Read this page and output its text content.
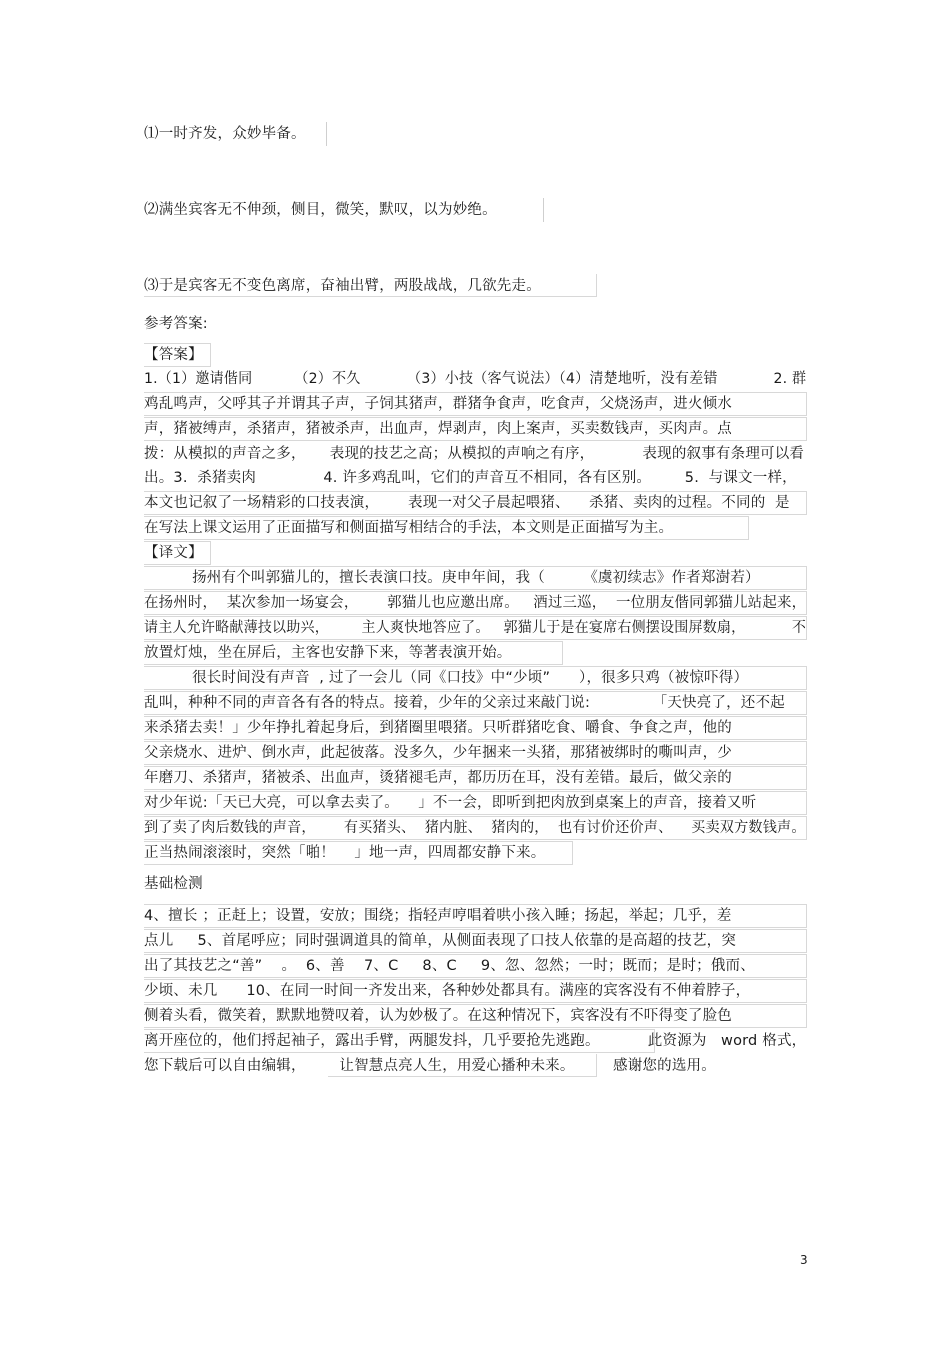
⑴一时齐发，众妙毕备。
⑵满坐宾客无不伸颈，侧目，微笑，默叹，以为妙绝。
⑶于是宾客无不变色离席，奋袖出臂，两股战战，几欲先走。
参考答案:
【答案】
1.（1）邀请偕同         （2）不久          （3）小技（客气说法）（4）清楚地听，没有差错            2. 群
鸡乱鸣声，父呼其子并谓其子声，子饲其猪声，群猪争食声，吃食声，父烧汤声，进火倾水
声，猪被缚声，杀猪声，猪被杀声，出血声，焊剥声，肉上案声，买卖数钱声，买肉声。点
拨：从模拟的声音之多，     表现的技艺之高；从模拟的声响之有序，          表现的叙事有条理可以看
出。3.  杀猪卖肉              4. 许多鸡乱叫，它们的声音互不相同，各有区别。       5.  与课文一样，
本文也记叙了一场精彩的口技表演，      表现一对父子晨起喂猪、    杀猪、卖肉的过程。不同的  是
在写法上课文运用了正面描写和侧面描写相结合的手法，本文则是正面描写为主。
【译文】
扬州有个叫郭猫儿的，擅长表演口技。庚申年间，我（        《虞初续志》作者郑澍若）
在扬州时，  某次参加一场宴会，      郭猫儿也应邀出席。   酒过三巡，  一位朋友偕同郭猫儿站起来，
请主人允许略献薄技以助兴，       主人爽快地答应了。   郭猫儿于是在宴席右侧摆设围屏数扇，          不
放置灯烛，坐在屏后，主客也安静下来，等著表演开始。
很长时间没有声音  , 过了一会儿（同《口技》中“少顷”      ），很多只鸡（被惊吓得）
乱叫，种种不同的声音各有各的特点。接着，少年的父亲过来敲门说:             「天快亮了，还不起
来杀猪去卖！」少年挣扎着起身后，到猪圈里喂猪。只听群猪吃食、嚼食、争食之声，他的
父亲烧水、进炉、倒水声，此起彼落。没多久，少年捆来一头猪，那猪被绑时的嘶叫声，少
年磨刀、杀猪声，猪被杀、出血声，烫猪褪毛声，都历历在耳，没有差错。最后，做父亲的
对少年说:「天已大亮，可以拿去卖了。    」不一会，即听到把肉放到桌案上的声音，接着又听
到了卖了肉后数钱的声音，      有买猪头、  猪内脏、  猪肉的，  也有讨价还价声、    买卖双方数钱声。
正当热闹滚滚时，突然「啪！    」地一声，四周都安静下来。
基础检测
4、擅长 ；正赶上；设置，安放；围绕；指轻声哼唱着哄小孩入睡；扬起，举起；几乎，差
点儿     5、首尾呼应；同时强调道具的简单，从侧面表现了口技人依靠的是高超的技艺，突
出了其技艺之“善”    。  6、善    7、C     8、C     9、忽、忽然；一时；既而；是时；俄而、
少顷、未几      10、在同一时间一齐发出来，各种妙处都具有。满座的宾客没有不伸着脖子，
侧着头看，微笑着，默默地赞叹着，认为妙极了。在这种情况下，宾客没有不吓得变了脸色
离开座位的，他们捋起袖子，露出手臂，两腿发抖，几乎要抢先逃跑。          此资源为   word 格式，
您下载后可以自由编辑，       让智慧点亮人生，用爱心播种未来。        感谢您的选用。
3
